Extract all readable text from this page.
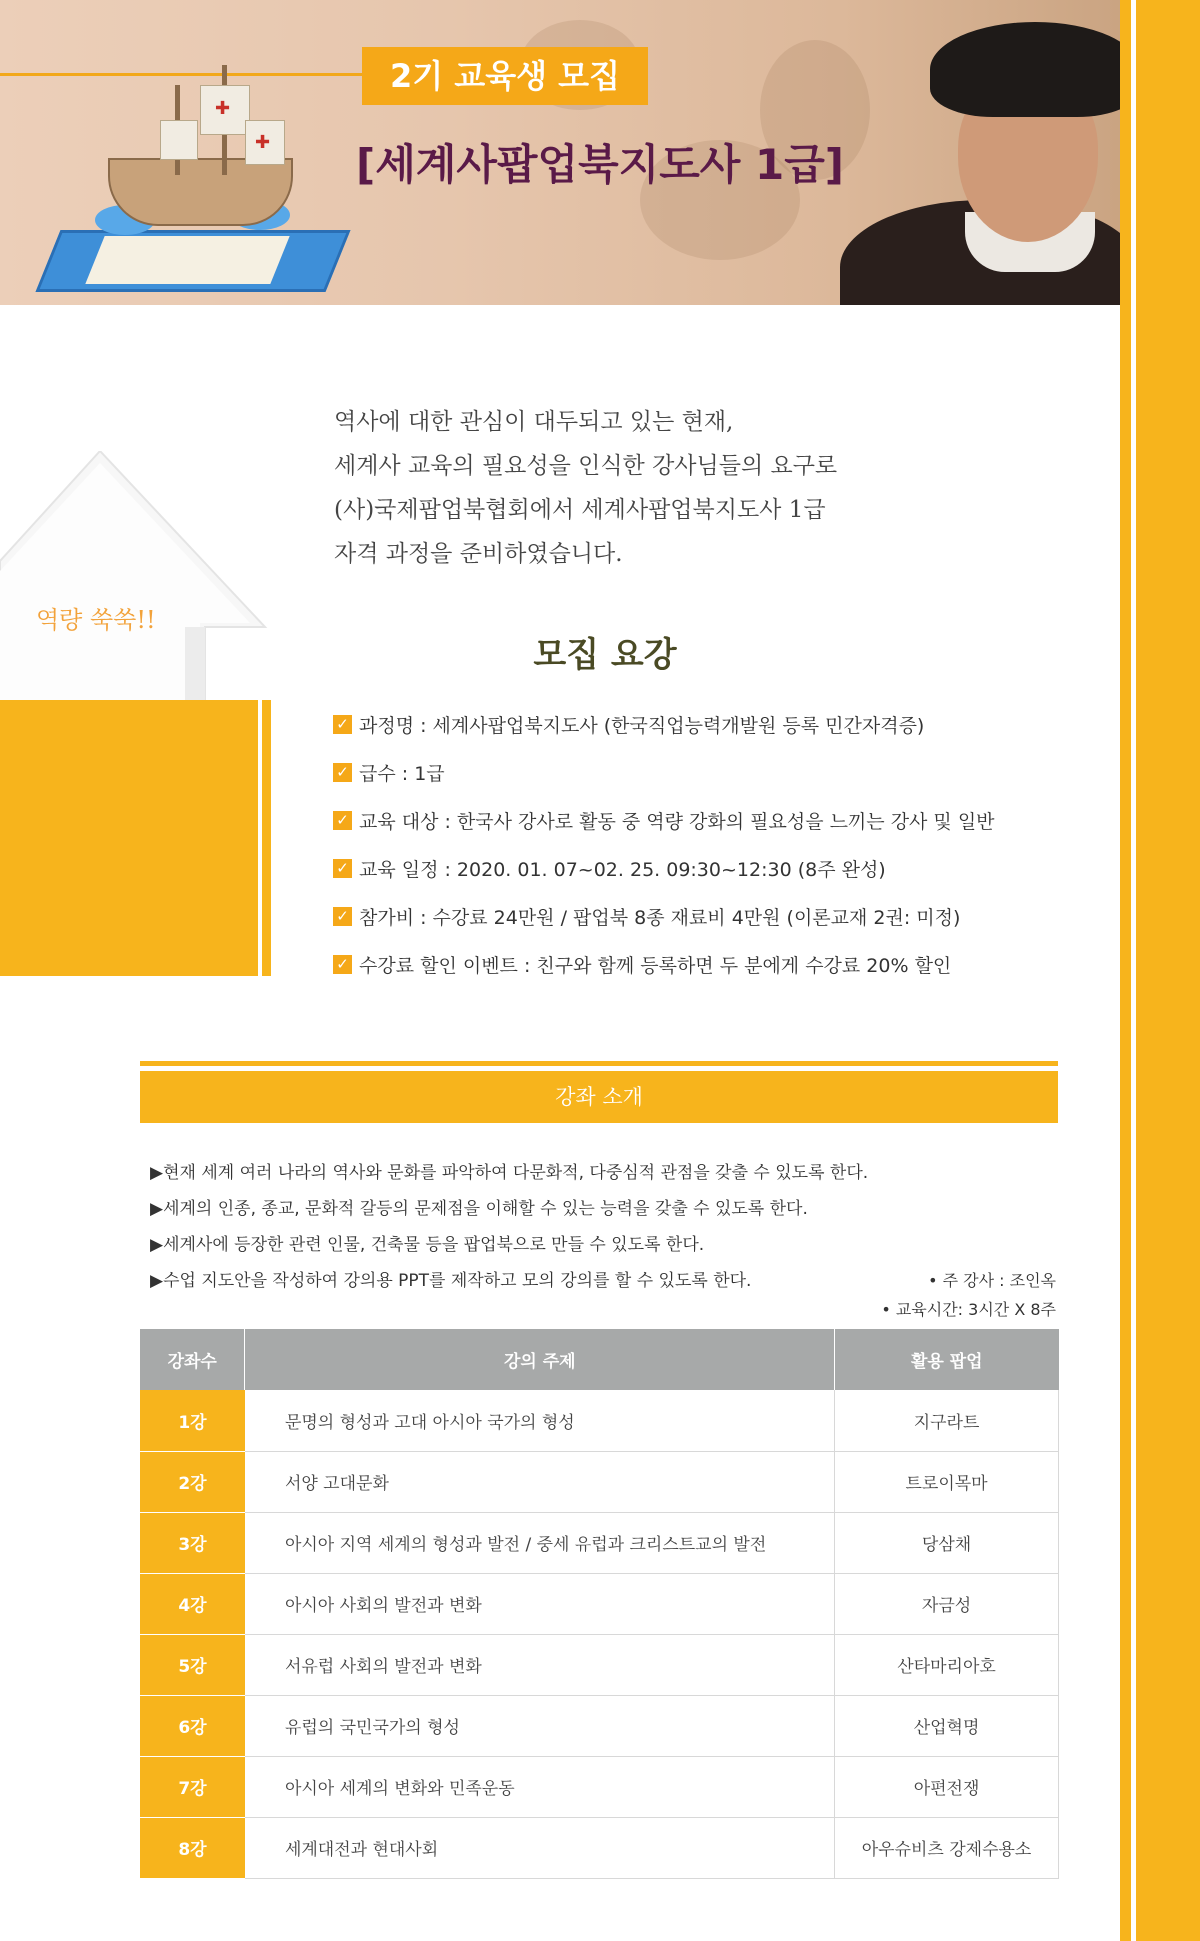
2기 교육생 모집
[세계사팝업북지도사 1급]
✚
✚
역량 쑥쑥!!
역사에 대한 관심이 대두되고 있는 현재,
세계사 교육의 필요성을 인식한 강사님들의 요구로
(사)국제팝업북협회에서 세계사팝업북지도사 1급
자격 과정을 준비하였습니다.
모집 요강
✓ 과정명 : 세계사팝업북지도사 (한국직업능력개발원 등록 민간자격증)
✓ 급수 : 1급
✓ 교육 대상 : 한국사 강사로 활동 중 역량 강화의 필요성을 느끼는 강사 및 일반
✓ 교육 일정 : 2020. 01. 07~02. 25. 09:30~12:30 (8주 완성)
✓ 참가비 : 수강료 24만원 / 팝업북 8종 재료비 4만원 (이론교재 2권: 미정)
✓ 수강료 할인 이벤트 : 친구와 함께 등록하면 두 분에게 수강료 20% 할인
강좌 소개
▶현재 세계 여러 나라의 역사와 문화를 파악하여 다문화적, 다중심적 관점을 갖출 수 있도록 한다.
▶세계의 인종, 종교, 문화적 갈등의 문제점을 이해할 수 있는 능력을 갖출 수 있도록 한다.
▶세계사에 등장한 관련 인물, 건축물 등을 팝업북으로 만들 수 있도록 한다.
▶수업 지도안을 작성하여 강의용 PPT를 제작하고 모의 강의를 할 수 있도록 한다.	• 주 강사 : 조인옥
• 교육시간: 3시간 X 8주
강좌수	강의 주제	활용 팝업
1강	문명의 형성과 고대 아시아 국가의 형성	지구라트
2강	서양 고대문화	트로이목마
3강	아시아 지역 세계의 형성과 발전 / 중세 유럽과 크리스트교의 발전	당삼채
4강	아시아 사회의 발전과 변화	자금성
5강	서유럽 사회의 발전과 변화	산타마리아호
6강	유럽의 국민국가의 형성	산업혁명
7강	아시아 세계의 변화와 민족운동	아편전쟁
8강	세계대전과 현대사회	아우슈비츠 강제수용소
